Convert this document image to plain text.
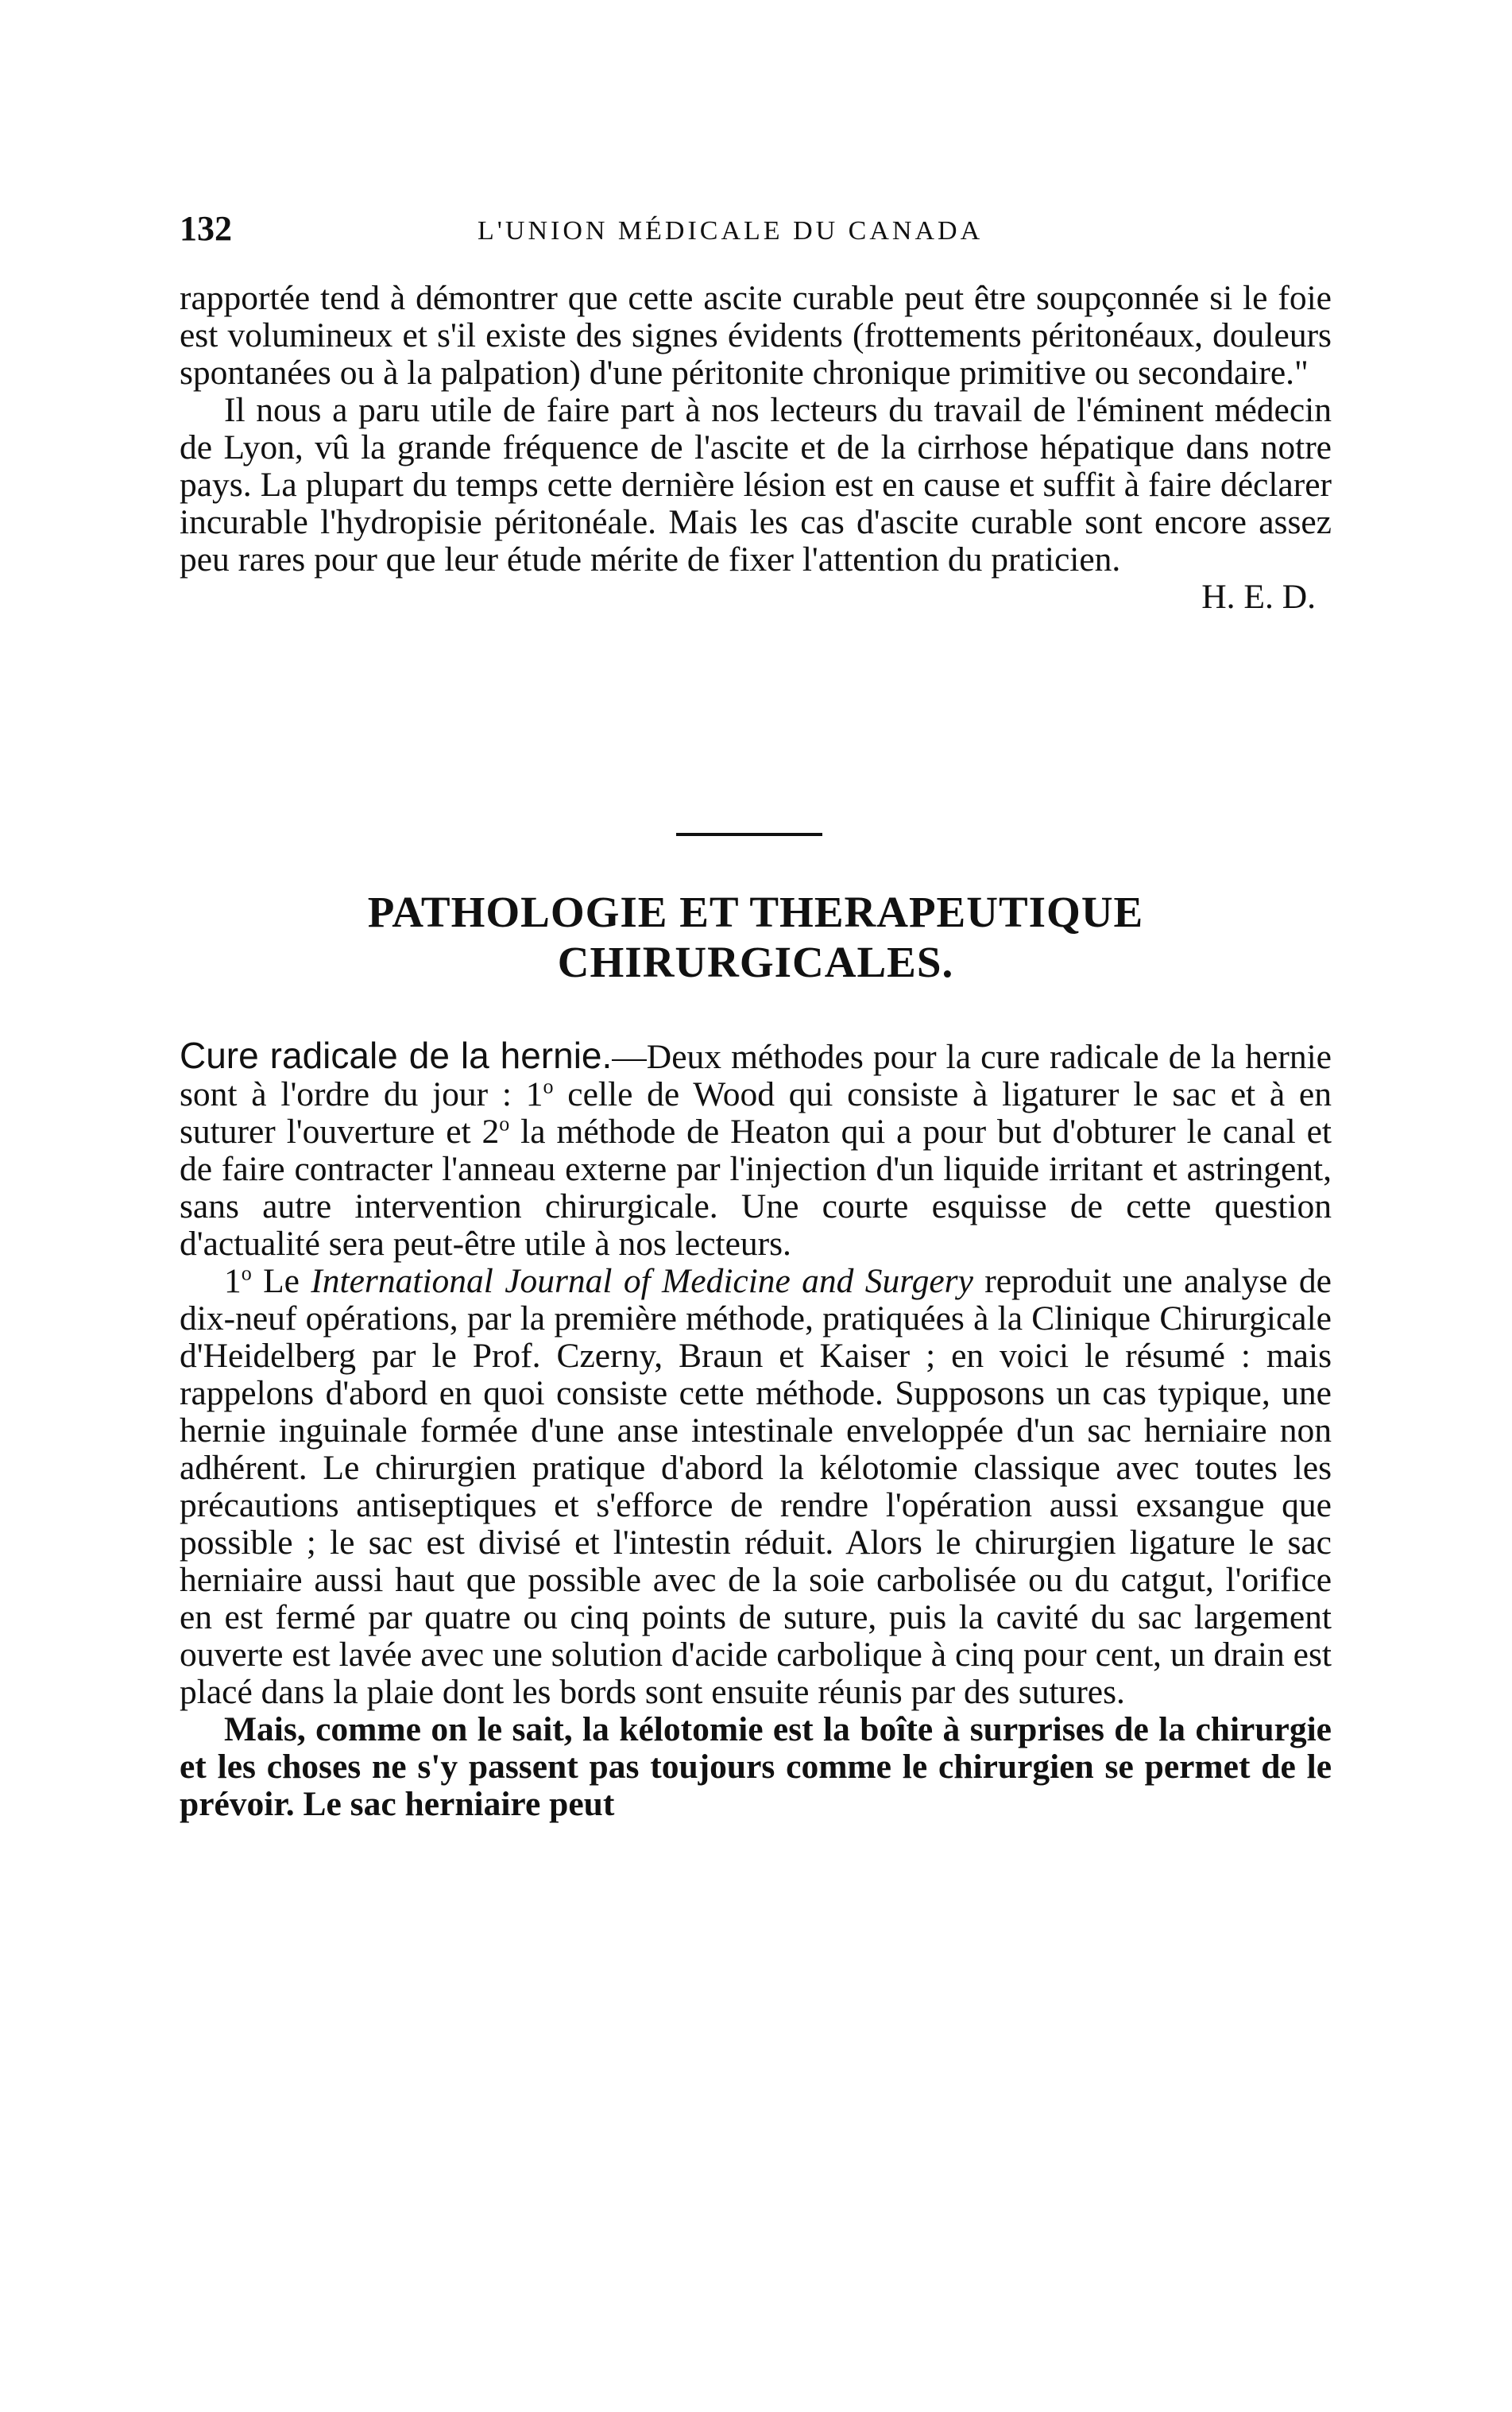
132	L'UNION MÉDICALE DU CANADA

rapportée tend à démontrer que cette ascite curable peut être soupçonnée si le foie est volumineux et s'il existe des signes évidents (frottements péritonéaux, douleurs spontanées ou à la palpation) d'une péritonite chronique primitive ou secondaire."

Il nous a paru utile de faire part à nos lecteurs du travail de l'éminent médecin de Lyon, vû la grande fréquence de l'ascite et de la cirrhose hépatique dans notre pays. La plupart du temps cette dernière lésion est en cause et suffit à faire déclarer incurable l'hydropisie péritonéale. Mais les cas d'ascite curable sont encore assez peu rares pour que leur étude mérite de fixer l'attention du praticien.

H. E. D.
PATHOLOGIE ET THERAPEUTIQUE CHIRURGICALES.

Cure radicale de la hernie.—Deux méthodes pour la cure radicale de la hernie sont à l'ordre du jour : 1$^o$ celle de Wood qui consiste à ligaturer le sac et à en suturer l'ouverture et 2$^o$ la méthode de Heaton qui a pour but d'obturer le canal et de faire contracter l'anneau externe par l'injection d'un liquide irritant et astringent, sans autre intervention chirurgicale. Une courte esquisse de cette question d'actualité sera peut-être utile à nos lecteurs.

1$^o$ Le International Journal of Medicine and Surgery reproduit une analyse de dix-neuf opérations, par la première méthode, pratiquées à la Clinique Chirurgicale d'Heidelberg par le Prof. Czerny, Braun et Kaiser ; en voici le résumé : mais rappelons d'abord en quoi consiste cette méthode. Supposons un cas typique, une hernie inguinale formée d'une anse intestinale enveloppée d'un sac herniaire non adhérent. Le chirurgien pratique d'abord la kélotomie classique avec toutes les précautions antiseptiques et s'efforce de rendre l'opération aussi exsangue que possible ; le sac est divisé et l'intestin réduit. Alors le chirurgien ligature le sac herniaire aussi haut que possible avec de la soie carbolisée ou du catgut, l'orifice en est fermé par quatre ou cinq points de suture, puis la cavité du sac largement ouverte est lavée avec une solution d'acide carbolique à cinq pour cent, un drain est placé dans la plaie dont les bords sont ensuite réunis par des sutures.

Mais, comme on le sait, la kélotomie est la boîte à surprises de la chirurgie et les choses ne s'y passent pas toujours comme le chirurgien se permet de le prévoir. Le sac herniaire peut
